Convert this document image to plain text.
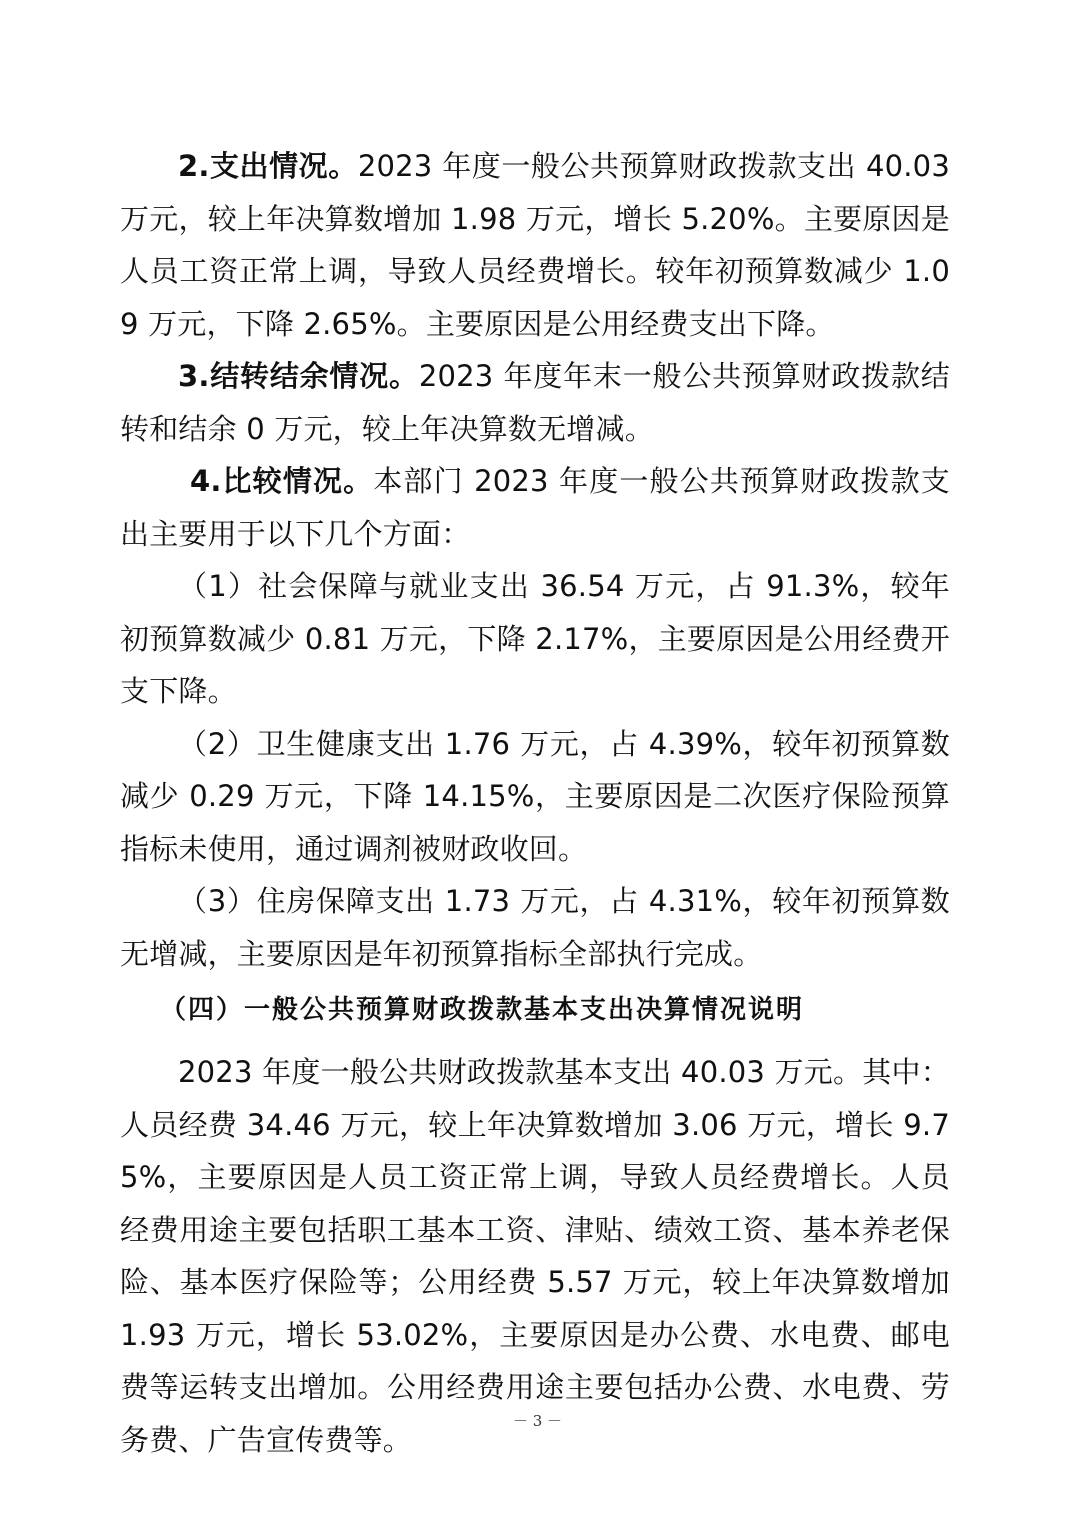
2.支出情况。2023 年度一般公共预算财政拨款支出 40.03 万元，较上年决算数增加 1.98 万元，增长 5.20%。主要原因是人员工资正常上调，导致人员经费增长。较年初预算数减少 1.09 万元，下降 2.65%。主要原因是公用经费支出下降。

3.结转结余情况。2023 年度年末一般公共预算财政拨款结转和结余 0 万元，较上年决算数无增减。

4.比较情况。本部门 2023 年度一般公共预算财政拨款支出主要用于以下几个方面：

（1）社会保障与就业支出 36.54 万元，占 91.3%，较年初预算数减少 0.81 万元，下降 2.17%，主要原因是公用经费开支下降。

（2）卫生健康支出 1.76 万元，占 4.39%，较年初预算数减少 0.29 万元，下降 14.15%，主要原因是二次医疗保险预算指标未使用，通过调剂被财政收回。

（3）住房保障支出 1.73 万元，占 4.31%，较年初预算数无增减，主要原因是年初预算指标全部执行完成。

（四）一般公共预算财政拨款基本支出决算情况说明

2023 年度一般公共财政拨款基本支出 40.03 万元。其中：人员经费 34.46 万元，较上年决算数增加 3.06 万元，增长 9.75%，主要原因是人员工资正常上调，导致人员经费增长。人员经费用途主要包括职工基本工资、津贴、绩效工资、基本养老保险、基本医疗保险等；公用经费 5.57 万元，较上年决算数增加 1.93 万元，增长 53.02%，主要原因是办公费、水电费、邮电费等运转支出增加。公用经费用途主要包括办公费、水电费、劳务费、广告宣传费等。

－ 3 －
